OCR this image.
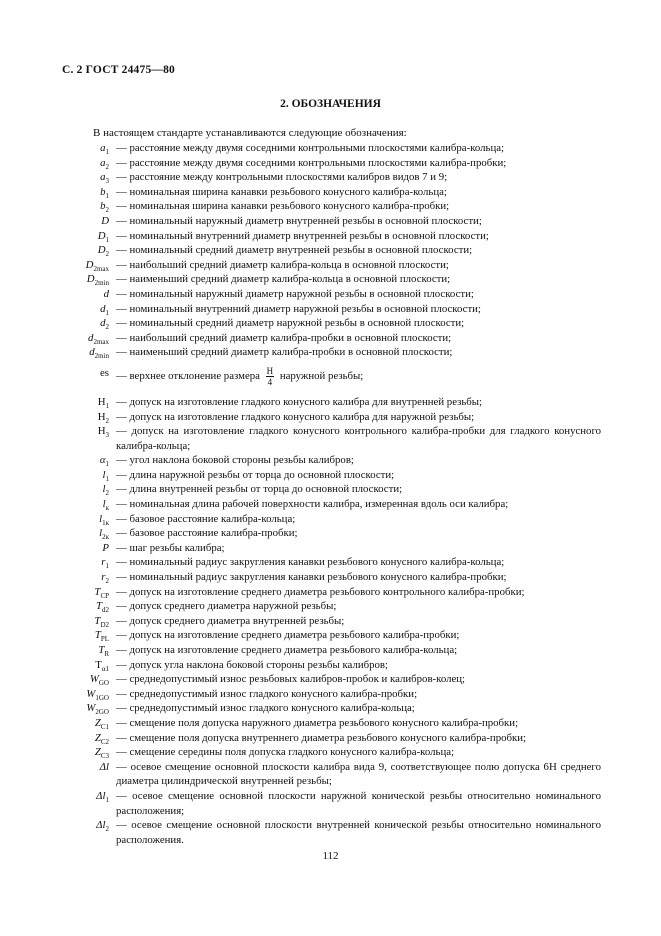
С. 2 ГОСТ 24475—80
2. ОБОЗНАЧЕНИЯ
В настоящем стандарте устанавливаются следующие обозначения:
$a_1$ — расстояние между двумя соседними контрольными плоскостями калибра-кольца;
$a_2$ — расстояние между двумя соседними контрольными плоскостями калибра-пробки;
$a_3$ — расстояние между контрольными плоскостями калибров видов 7 и 9;
$b_1$ — номинальная ширина канавки резьбового конусного калибра-кольца;
$b_2$ — номинальная ширина канавки резьбового конусного калибра-пробки;
D — номинальный наружный диаметр внутренней резьбы в основной плоскости;
$D_1$ — номинальный внутренний диаметр внутренней резьбы в основной плоскости;
$D_2$ — номинальный средний диаметр внутренней резьбы в основной плоскости;
$D_{2max}$ — наибольший средний диаметр калибра-кольца в основной плоскости;
$D_{2min}$ — наименьший средний диаметр калибра-кольца в основной плоскости;
d — номинальный наружный диаметр наружной резьбы в основной плоскости;
$d_1$ — номинальный внутренний диаметр наружной резьбы в основной плоскости;
$d_2$ — номинальный средний диаметр наружной резьбы в основной плоскости;
$d_{2max}$ — наибольший средний диаметр калибра-пробки в основной плоскости;
$d_{2min}$ — наименьший средний диаметр калибра-пробки в основной плоскости;
es — верхнее отклонение размера $\frac{H}{4}$ наружной резьбы;
$H_1$ — допуск на изготовление гладкого конусного калибра для внутренней резьбы;
$H_2$ — допуск на изготовление гладкого конусного калибра для наружной резьбы;
$H_3$ — допуск на изготовление гладкого конусного контрольного калибра-пробки для гладкого конусного калибра-кольца;
$\alpha_1$ — угол наклона боковой стороны резьбы калибров;
$l_1$ — длина наружной резьбы от торца до основной плоскости;
$l_2$ — длина внутренней резьбы от торца до основной плоскости;
$l_к$ — номинальная длина рабочей поверхности калибра, измеренная вдоль оси калибра;
$l_{1к}$ — базовое расстояние калибра-кольца;
$l_{2к}$ — базовое расстояние калибра-пробки;
P — шаг резьбы калибра;
$r_1$ — номинальный радиус закругления канавки резьбового конусного калибра-кольца;
$r_2$ — номинальный радиус закругления канавки резьбового конусного калибра-пробки;
$T_{CP}$ — допуск на изготовление среднего диаметра резьбового контрольного калибра-пробки;
$T_{d2}$ — допуск среднего диаметра наружной резьбы;
$T_{D2}$ — допуск среднего диаметра внутренней резьбы;
$T_{PL}$ — допуск на изготовление среднего диаметра резьбового калибра-пробки;
$T_R$ — допуск на изготовление среднего диаметра резьбового калибра-кольца;
$T_{\alpha 1}$ — допуск угла наклона боковой стороны резьбы калибров;
$W_{GO}$ — среднедопустимый износ резьбовых калибров-пробок и калибров-колец;
$W_{1GO}$ — среднедопустимый износ гладкого конусного калибра-пробки;
$W_{2GO}$ — среднедопустимый износ гладкого конусного калибра-кольца;
$Z_{C1}$ — смещение поля допуска наружного диаметра резьбового конусного калибра-пробки;
$Z_{C2}$ — смещение поля допуска внутреннего диаметра резьбового конусного калибра-пробки;
$Z_{C3}$ — смещение середины поля допуска гладкого конусного калибра-кольца;
Δl — осевое смещение основной плоскости калибра вида 9, соответствующее полю допуска 6H среднего диаметра цилиндрической внутренней резьбы;
$\Delta l_1$ — осевое смещение основной плоскости наружной конической резьбы относительно номинального расположения;
$\Delta l_2$ — осевое смещение основной плоскости внутренней конической резьбы относительно номинального расположения.
112
